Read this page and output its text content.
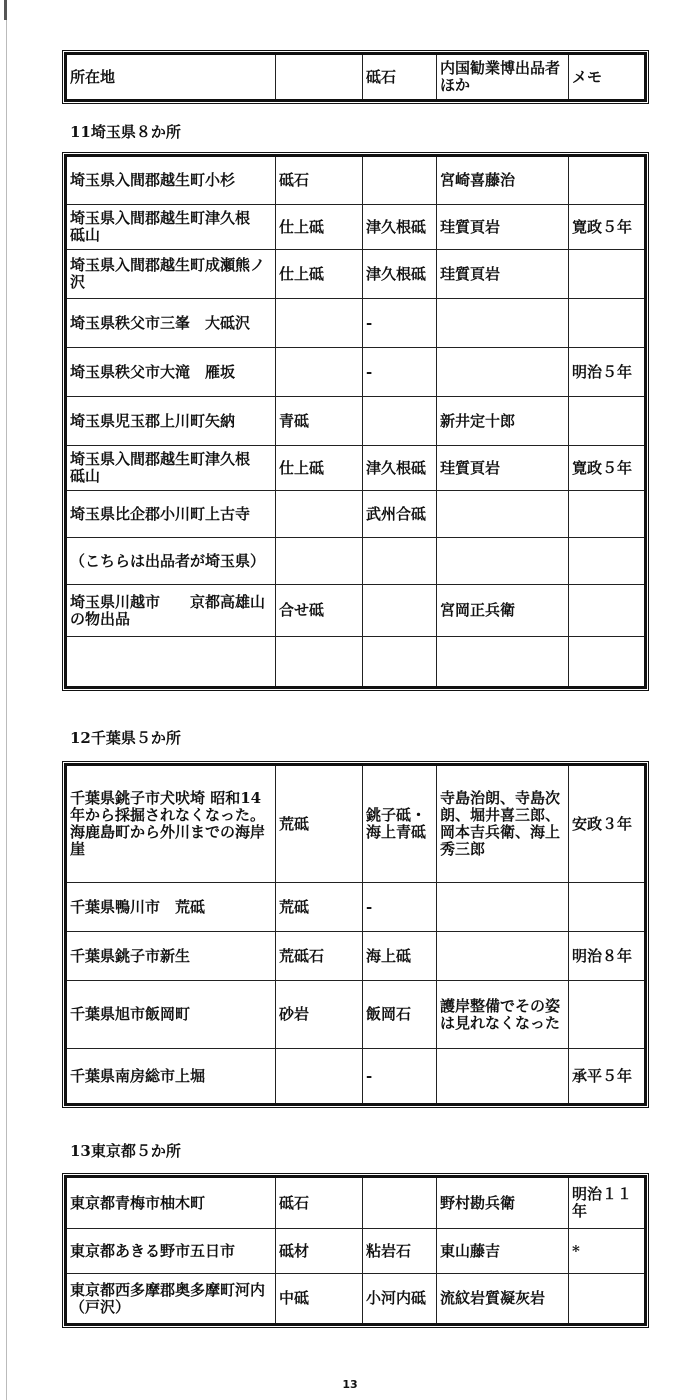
所在地		砥石	内国勧業博出品者ほか	メモ
11埼玉県８か所
埼玉県入間郡越生町小杉	砥石		宮崎喜藤治	
埼玉県入間郡越生町津久根　砥山	仕上砥	津久根砥	珪質頁岩	寛政５年
埼玉県入間郡越生町成瀬熊ノ沢	仕上砥	津久根砥	珪質頁岩	
埼玉県秩父市三峯　大砥沢		-		
埼玉県秩父市大滝　雁坂		-		明治５年
埼玉県児玉郡上川町矢納	青砥		新井定十郎	
埼玉県入間郡越生町津久根　砥山	仕上砥	津久根砥	珪質頁岩	寛政５年
埼玉県比企郡小川町上古寺		武州合砥		
（こちらは出品者が埼玉県）				
埼玉県川越市　　京都高雄山の物出品	合せ砥		宮岡正兵衛	

12千葉県５か所
千葉県銚子市犬吠埼 昭和14年から採掘されなくなった。海鹿島町から外川までの海岸崖	荒砥	銚子砥・海上青砥	寺島治朗、寺島次朗、堀井喜三郎、岡本吉兵衛、海上秀三郎	安政３年
千葉県鴨川市　荒砥	荒砥	-		
千葉県銚子市新生	荒砥石	海上砥		明治８年
千葉県旭市飯岡町	砂岩	飯岡石	護岸整備でその姿は見れなくなった	
千葉県南房総市上堀		-		承平５年
13東京都５か所
東京都青梅市柚木町	砥石		野村勘兵衛	明治１１年
東京都あきる野市五日市	砥材	粘岩石	東山藤吉	*
東京都西多摩郡奥多摩町河内（戸沢）	中砥	小河内砥	流紋岩質凝灰岩	
13
